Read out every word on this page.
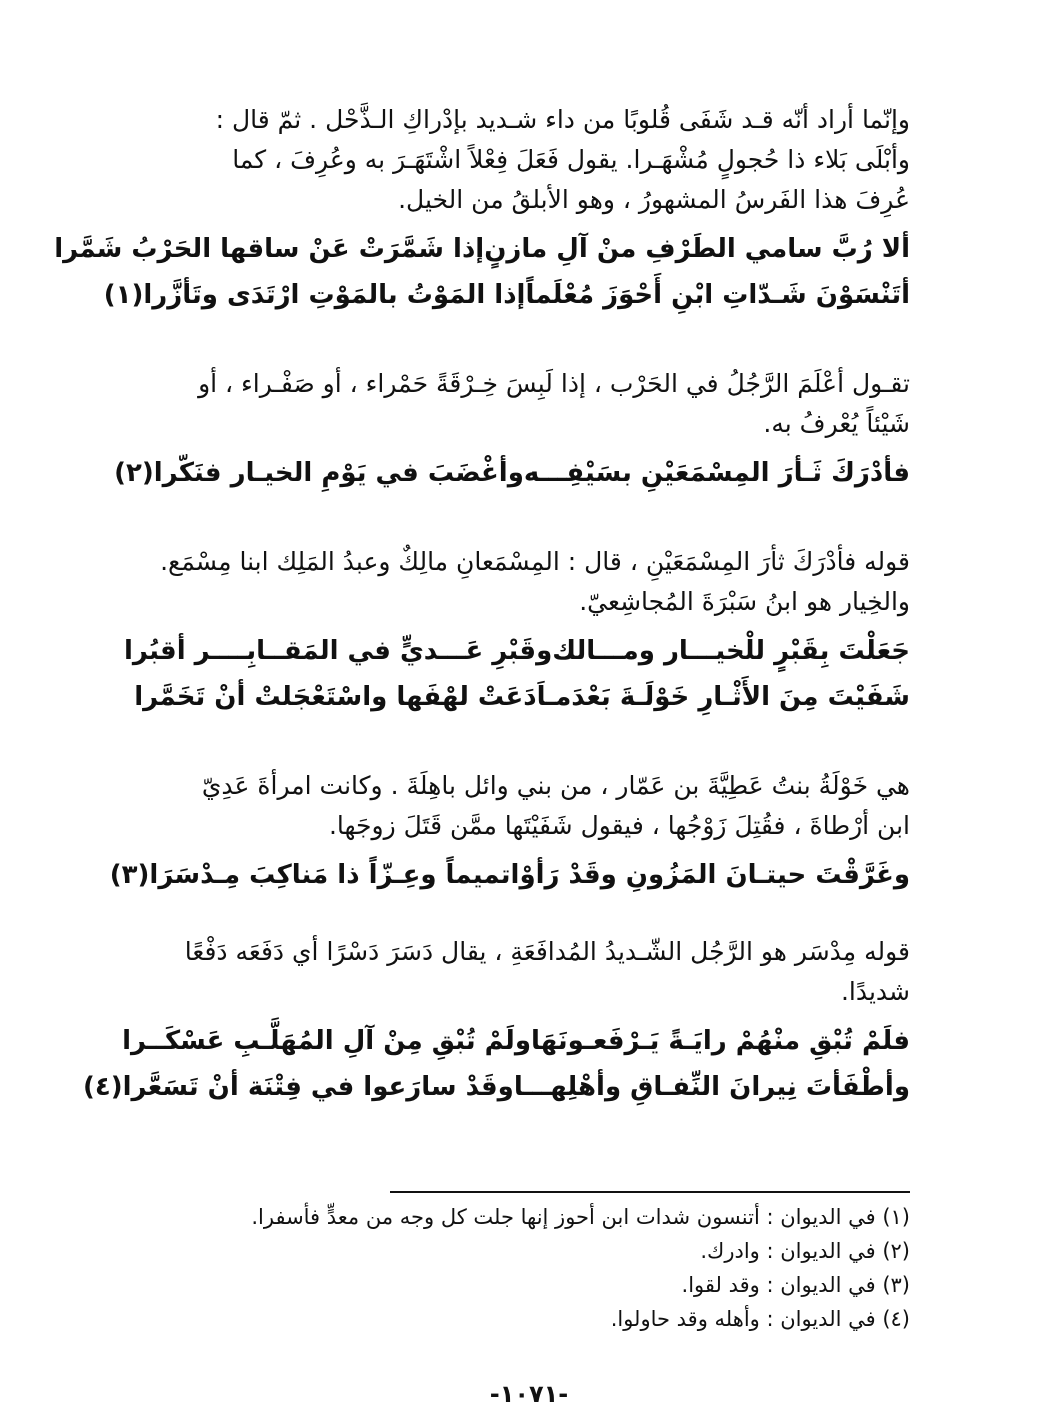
وإنّما أراد أنّه قـد شَفَى قُلوبًا من داء شـديد بإدْراكِ الـذَّحْل . ثمّ قال :
وأبْلَى بَلاء ذا حُجولٍ مُشْهَـرا. يقول فَعَلَ فِعْلاً اشْتَهَـرَ به وعُرِفَ ، كما
عُرِفَ هذا الفَرسُ المشهورُ ، وهو الأبلقُ من الخيل.

ألا رُبَّ سامي الطَرْفِ منْ آلِ مازنٍ
إذا شَمَّرَتْ عَنْ ساقها الحَرْبُ شَمَّرا
أتَنْسَوْنَ شَـدّاتِ ابْنِ أَحْوَزَ مُعْلَماً
إذا المَوْتُ بالمَوْتِ ارْتَدَى وتَأزَّرا(١)

تقـول أعْلَمَ الرَّجُلُ في الحَرْب ، إذا لَبِسَ خِـرْقَةً حَمْراء ، أو صَفْـراء ، أو
شَيْئاً يُعْرفُ به.

فأدْرَكَ ثَـأرَ المِسْمَعَيْنِ بسَيْفِـــه
وأغْضَبَ في يَوْمِ الخيـار فنَكّرا(٢)

قوله فأدْرَكَ ثأرَ المِسْمَعَيْنِ ، قال : المِسْمَعانِ مالِكٌ وعبدُ المَلِك ابنا مِسْمَع.
والخِيار هو ابنُ سَبْرَةَ المُجاشِعيّ.

جَعَلْتَ بِقَبْرٍ للْخيـــار ومـــالك
وقَبْرِ عَـــديٍّ في المَقــابِــــر أقبُرا
شَفَيْتَ مِنَ الأَثْـارِ خَوْلَـةَ بَعْدَمـاَ
دَعَتْ لهْفَها واسْتَعْجَلتْ أنْ تَخَمَّرا

هي خَوْلَةُ بنتُ عَطِيَّةَ بن عَمّار ، من بني وائل باهِلَةَ . وكانت امرأةَ عَدِيّ
ابن أرْطاةَ ، فقُتِلَ زَوْجُها ، فيقول شَفَيْتَها ممَّن قَتَلَ زوجَها.

وغَرَّقْتَ حيتـانَ المَزُونِ وقَدْ رَأوْا
تميماً وعِـزّاً ذا مَناكِبَ مِـدْسَرَا(٣)

قوله مِدْسَر هو الرَّجُل الشّـديدُ المُدافَعَةِ ، يقال دَسَرَ دَسْرًا أي دَفَعَه دَفْعًا
شديدًا.

فلَمْ تُبْقِ منْهُمْ رايَـةً يَـرْفَعـونَهَا
ولَمْ تُبْقِ مِنْ آلِ المُهَلَّـبِ عَسْكَــرا
وأطْفَأتَ نِيرانَ النِّفـاقِ وأهْلِهـــا
وقَدْ سارَعوا في فِتْنَة أنْ تَسَعَّرا(٤)
(١) في الديوان : أتنسون شدات ابن أحوز إنها جلت كل وجه من معدٍّ فأسفرا.
(٢) في الديوان : وادرك.
(٣) في الديوان : وقد لقوا.
(٤) في الديوان : وأهله وقد حاولوا.
-١٠٧١-
